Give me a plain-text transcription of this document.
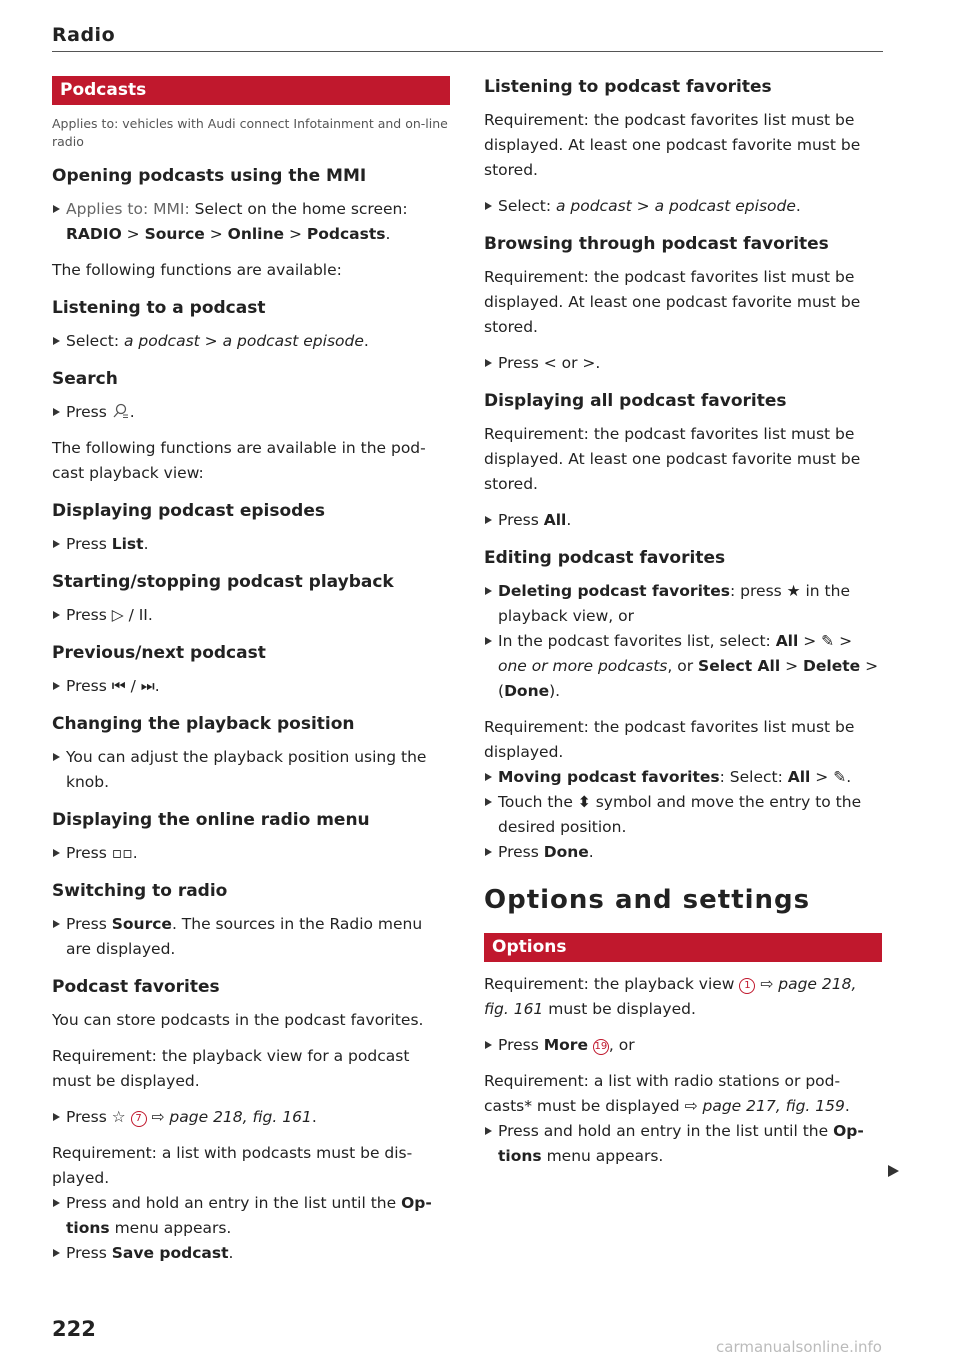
Radio
Podcasts
Applies to: vehicles with Audi connect Infotainment and on-line radio
Opening podcasts using the MMI
Applies to: MMI: Select on the home screen:
RADIO > Source > Online > Podcasts.

The following functions are available:

Listening to a podcast
Select: a podcast > a podcast episode.
Search
Press .

The following functions are available in the pod-cast playback view:

Displaying podcast episodes
Press List.
Starting/stopping podcast playback
Press ▷ / II.
Previous/next podcast
Press ⏮ / ⏭.
Changing the playback position
You can adjust the playback position using the knob.
Displaying the online radio menu
Press ▫▫.
Switching to radio
Press Source. The sources in the Radio menu are displayed.
Podcast favorites

You can store podcasts in the podcast favorites.

Requirement: the playback view for a podcast must be displayed.

Press ☆ 7 ⇨ page 218, fig. 161.

Requirement: a list with podcasts must be dis-played.

Press and hold an entry in the list until the Op-tions menu appears.
Press Save podcast.
Listening to podcast favorites

Requirement: the podcast favorites list must be displayed. At least one podcast favorite must be stored.

Select: a podcast > a podcast episode.
Browsing through podcast favorites

Requirement: the podcast favorites list must be displayed. At least one podcast favorite must be stored.

Press < or >.
Displaying all podcast favorites

Requirement: the podcast favorites list must be displayed. At least one podcast favorite must be stored.

Press All.
Editing podcast favorites
Deleting podcast favorites: press ★ in the playback view, or
In the podcast favorites list, select: All > ✎ > one or more podcasts, or Select All > Delete > (Done).

Requirement: the podcast favorites list must be displayed.

Moving podcast favorites: Select: All > ✎.
Touch the ⬍ symbol and move the entry to the desired position.
Press Done.
Options and settings
Options

Requirement: the playback view 1 ⇨ page 218, fig. 161 must be displayed.

Press More 19 , or

Requirement: a list with radio stations or pod-casts* must be displayed ⇨ page 217, fig. 159.

Press and hold an entry in the list until the Op-tions menu appears.
222
carmanualsonline.info
